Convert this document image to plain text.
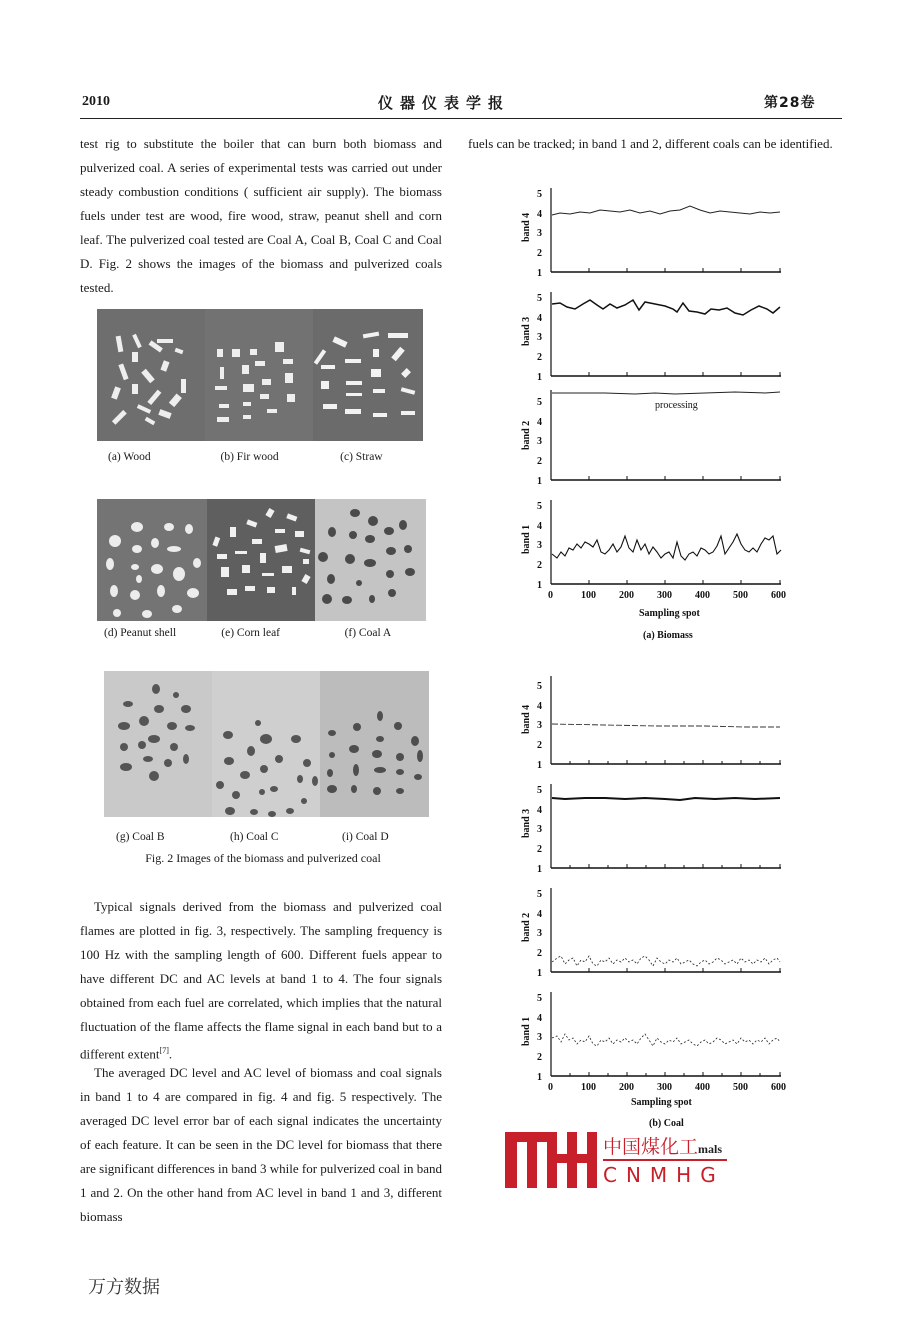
2010	仪器仪表学报	第28卷

test rig to substitute the boiler that can burn both biomass and pulverized coal. A series of experimental tests was carried out under steady combustion conditions ( sufficient air supply). The biomass fuels under test are wood, fire wood, straw, peanut shell and corn leaf. The pulverized coal tested are Coal A, Coal B, Coal C and Coal D. Fig. 2 shows the images of the biomass and pulverized coals tested.

fuels can be tracked; in band 1 and 2, different coals can be identified.

(a) Wood	(b) Fir wood	(c) Straw
(d) Peanut shell	(e) Corn leaf	(f) Coal A
(g) Coal B	(h) Coal C	(i) Coal D
Fig. 2 Images of the biomass and pulverized coal

Typical signals derived from the biomass and pulverized coal flames are plotted in fig. 3, respectively. The sampling frequency is 100 Hz with the sampling length of 600. Different fuels appear to have different DC and AC levels at band 1 to 4. The four signals obtained from each fuel are correlated, which implies that the natural fluctuation of the flame affects the flame signal in each band but to a different extent[7].

The averaged DC level and AC level of biomass and coal signals in band 1 to 4 are compared in fig. 4 and fig. 5 respectively. The averaged DC level error bar of each signal indicates the uncertainty of each feature. It can be seen in the DC level for biomass that there are significant differences in band 3 while for pulverized coal in band 1 and 2. On the other hand from AC level in band 1 and 3, different biomass

5
4
3
2
1
band 4
5
4
3
2
1
band 3
5
4
3
2
1
band 2
processing
5
4
3
2
1
band 1
0	100 200 300 400 500 600
Sampling spot
(a) Biomass
5
4
3
2
1
band 4
5
4
3
2
1
band 3
5
4
3
2
1
band 2
5
4
3
2
1
band 1
0	100 200 300 400 500 600
Sampling spot
(b) Coal
中国煤化工mals
CNMHG
万方数据
